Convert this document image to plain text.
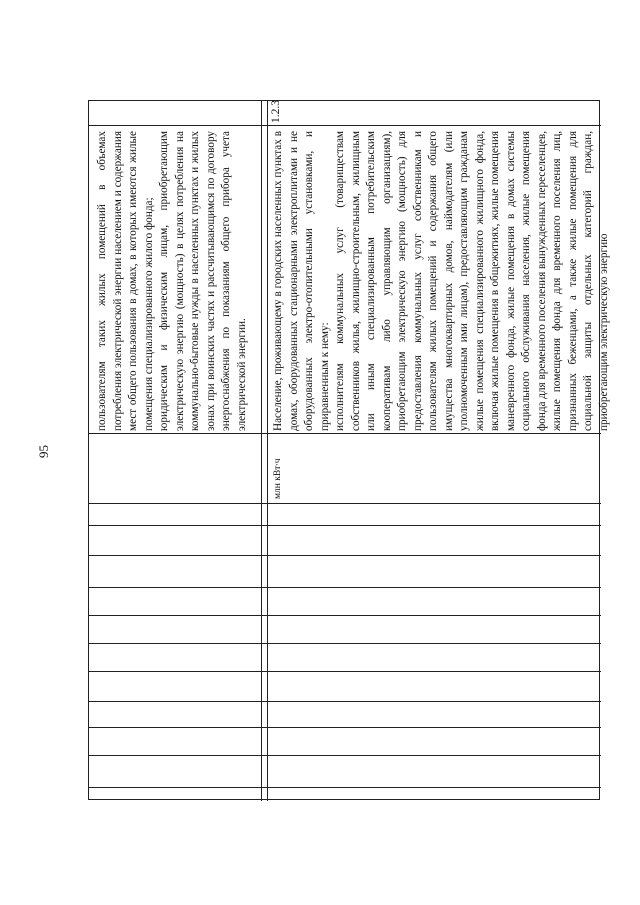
95

пользователям таких жилых помещений в объемах потребления электрической энергии населением и содержания мест общего пользования в домах, в которых имеются жилые помещения специализированного жилого фонда; юридическим и физическим лицам, приобретающим электрическую энергию (мощность) в целях потребления на коммунально-бытовые нужды в населенных пунктах и жилых зонах при воинских частях и рассчитывающимся по договору энергоснабжения по показаниям общего прибора учета электрической энергии.

1.2.3

Население, проживающему в городских населенных пунктах в домах, оборудованных стационарными электроплитами и не оборудованных электро-отопительными установками, и приравненным к нему: исполнителям коммунальных услуг (товариществам собственников жилья, жилищно-строительным, жилищным или иным специализированным потребительским кооперативам либо управляющим организациям), приобретающим электрическую энергию (мощность) для предоставления коммунальных услуг собственникам и пользователям жилых помещений и содержания общего имущества многоквартирных домов, наймодателям (или уполномоченным ими лицам), предоставляющим гражданам жилые помещения специализированного жилищного фонда, включая жилые помещения в общежитиях, жилые помещения маневренного фонда, жилые помещения в домах системы социального обслуживания населения, жилые помещения фонда для временного поселения вынужденных переселенцев, жилые помещения фонда для временного поселения лиц, признанных беженцами, а также жилые помещения для социальной защиты отдельных категорий граждан, приобретающим электрическую энергию

млн кВт∙ч
